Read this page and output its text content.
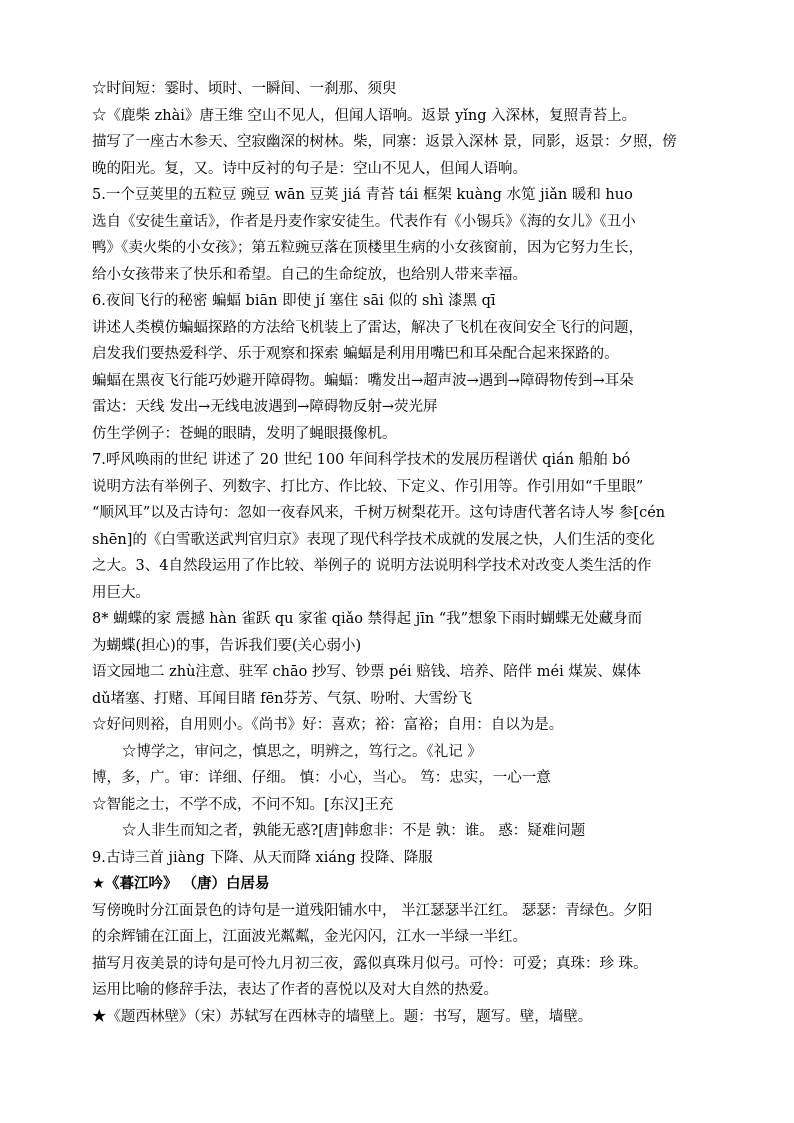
☆时间短：霎时、顷时、一瞬间、一刹那、须臾
☆《鹿柴 zhài》唐王维 空山不见人，但闻人语响。返景 yǐng 入深林，复照青苔上。
描写了一座古木参天、空寂幽深的树林。柴，同寨：返景入深林 景，同影，返景：夕照，傍
晚的阳光。复，又。诗中反衬的句子是：空山不见人，但闻人语响。
5.一个豆荚里的五粒豆 豌豆 wān 豆荚 jiá 青苔 tái 框架 kuàng 水笕 jiǎn 暖和 huo
选自《安徒生童话》，作者是丹麦作家安徒生。代表作有《小锡兵》《海的女儿》《丑小
鸭》《卖火柴的小女孩》；第五粒豌豆落在顶楼里生病的小女孩窗前，因为它努力生长，
给小女孩带来了快乐和希望。自己的生命绽放，也给别人带来幸福。
6.夜间飞行的秘密 蝙蝠 biān 即使 jí 塞住 sāi 似的 shì 漆黑 qī
讲述人类模仿蝙蝠探路的方法给飞机装上了雷达，解决了飞机在夜间安全飞行的问题，
启发我们要热爱科学、乐于观察和探索 蝙蝠是利用用嘴巴和耳朵配合起来探路的。
蝙蝠在黑夜飞行能巧妙避开障碍物。蝙蝠：嘴发出→超声波→遇到→障碍物传到→耳朵
雷达：天线 发出→无线电波遇到→障碍物反射→荧光屏
仿生学例子：苍蝇的眼睛，发明了蝇眼摄像机。
7.呼风唤雨的世纪 讲述了 20 世纪 100 年间科学技术的发展历程谱伏 qián 船舶 bó
说明方法有举例子、列数字、打比方、作比较、下定义、作引用等。作引用如“千里眼”
“顺风耳”以及古诗句：忽如一夜春风来，千树万树梨花开。这句诗唐代著名诗人岑 参[cén
shēn]的《白雪歌送武判官归京》表现了现代科学技术成就的发展之快，人们生活的变化
之大。3、4自然段运用了作比较、举例子的 说明方法说明科学技术对改变人类生活的作
用巨大。
8* 蝴蝶的家 震撼 hàn 雀跃 qu 家雀 qiǎo 禁得起 jīn “我”想象下雨时蝴蝶无处藏身而
为蝴蝶(担心)的事，告诉我们要(关心弱小)
语文园地二 zhù注意、驻军 chāo 抄写、钞票 péi 赔钱、培养、陪伴 méi 煤炭、媒体
dǔ堵塞、打赌、耳闻目睹 fēn芬芳、气氛、吩咐、大雪纷飞
☆好问则裕，自用则小。《尚书》好：喜欢；裕：富裕；自用：自以为是。
☆博学之，审问之，慎思之，明辨之，笃行之。《礼记 》
博，多，广。审：详细、仔细。 慎：小心，当心。 笃：忠实，一心一意
☆智能之士，不学不成，不问不知。[东汉]王充
☆人非生而知之者，孰能无惑?[唐]韩愈非：不是 孰：谁。 惑：疑难问题
9.古诗三首 jiàng 下降、从天而降 xiáng 投降、降服
★《暮江吟》 （唐）白居易
写傍晚时分江面景色的诗句是一道残阳铺水中， 半江瑟瑟半江红。 瑟瑟：青绿色。夕阳
的余辉铺在江面上，江面波光粼粼，金光闪闪，江水一半绿一半红。
描写月夜美景的诗句是可怜九月初三夜，露似真珠月似弓。可怜：可爱；真珠：珍 珠。
运用比喻的修辞手法，表达了作者的喜悦以及对大自然的热爱。
★《题西林壁》（宋）苏轼写在西林寺的墙壁上。题：书写，题写。壁，墙壁。
